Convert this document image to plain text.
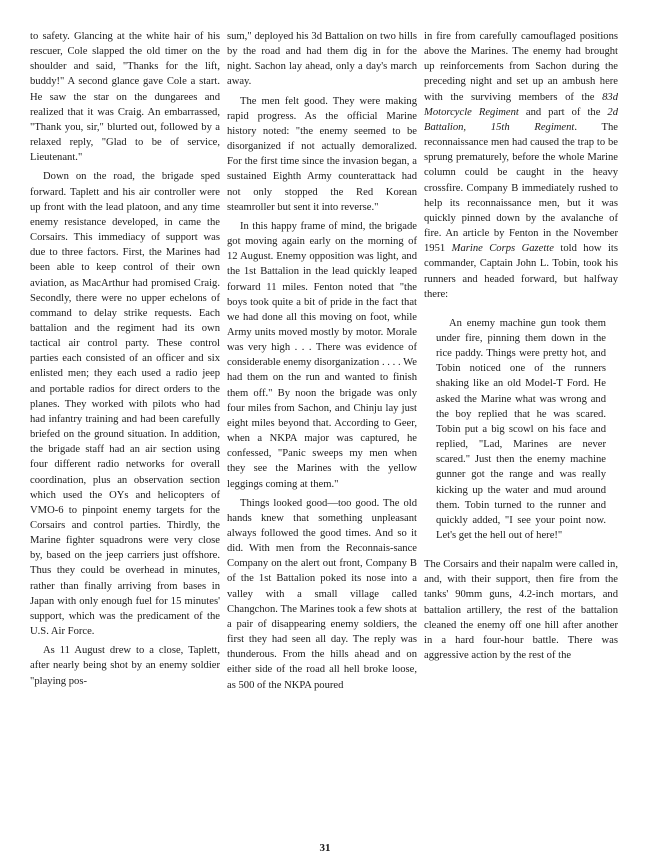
to safety. Glancing at the white hair of his rescuer, Cole slapped the old timer on the shoulder and said, "Thanks for the lift, buddy!" A second glance gave Cole a start. He saw the star on the dungarees and realized that it was Craig. An embarrassed, "Thank you, sir," blurted out, followed by a relaxed reply, "Glad to be of service, Lieutenant."

Down on the road, the brigade sped forward. Taplett and his air controller were up front with the lead platoon, and any time enemy resistance developed, in came the Corsairs. This immediacy of support was due to three factors. First, the Marines had been able to keep control of their own aviation, as MacArthur had promised Craig. Secondly, there were no upper echelons of command to delay strike requests. Each battalion and the regiment had its own tactical air control party. These control parties each consisted of an officer and six enlisted men; they each used a radio jeep and portable radios for direct orders to the planes. They worked with pilots who had had infantry training and had been carefully briefed on the ground situation. In addition, the brigade staff had an air section using four different radio networks for overall coordination, plus an observation section which used the OYs and helicopters of VMO-6 to pinpoint enemy targets for the Corsairs and control parties. Thirdly, the Marine fighter squadrons were very close by, based on the jeep carriers just offshore. Thus they could be overhead in minutes, rather than finally arriving from bases in Japan with only enough fuel for 15 minutes' support, which was the predicament of the U.S. Air Force.

As 11 August drew to a close, Taplett, after nearly being shot by an enemy soldier "playing pos-

sum," deployed his 3d Battalion on two hills by the road and had them dig in for the night. Sachon lay ahead, only a day's march away.

The men felt good. They were making rapid progress. As the official Marine history noted: "the enemy seemed to be disorganized if not actually demoralized. For the first time since the invasion began, a sustained Eighth Army counterattack had not only stopped the Red Korean steamroller but sent it into reverse."

In this happy frame of mind, the brigade got moving again early on the morning of 12 August. Enemy opposition was light, and the 1st Battalion in the lead quickly leaped forward 11 miles. Fenton noted that "the boys took quite a bit of pride in the fact that we had done all this moving on foot, while Army units moved mostly by motor. Morale was very high . . . There was evidence of considerable enemy disorganization . . . . We had them on the run and wanted to finish them off." By noon the brigade was only four miles from Sachon, and Chinju lay just eight miles beyond that. According to Geer, when a NKPA major was captured, he confessed, "Panic sweeps my men when they see the Marines with the yellow leggings coming at them."

Things looked good—too good. The old hands knew that something unpleasant always followed the good times. And so it did. With men from the Reconnais-sance Company on the alert out front, Company B of the 1st Battalion poked its nose into a valley with a small village called Changchon. The Marines took a few shots at a pair of disappearing enemy soldiers, the first they had seen all day. The reply was thunderous. From the hills ahead and on either side of the road all hell broke loose, as 500 of the NKPA poured

in fire from carefully camouflaged positions above the Marines. The enemy had brought up reinforcements from Sachon during the preceding night and set up an ambush here with the surviving members of the 83d Motorcycle Regiment and part of the 2d Battalion, 15th Regiment. The reconnaissance men had caused the trap to be sprung prematurely, before the whole Marine column could be caught in the heavy crossfire. Company B immediately rushed to help its reconnaissance men, but it was quickly pinned down by the avalanche of fire. An article by Fenton in the November 1951 Marine Corps Gazette told how its commander, Captain John L. Tobin, took his runners and headed forward, but halfway there:

An enemy machine gun took them under fire, pinning them down in the rice paddy. Things were pretty hot, and Tobin noticed one of the runners shaking like an old Model-T Ford. He asked the Marine what was wrong and the boy replied that he was scared. Tobin put a big scowl on his face and replied, "Lad, Marines are never scared." Just then the enemy machine gunner got the range and was really kicking up the water and mud around them. Tobin turned to the runner and quickly added, "I see your point now. Let's get the hell out of here!"

The Corsairs and their napalm were called in, and, with their support, then fire from the tanks' 90mm guns, 4.2-inch mortars, and battalion artillery, the rest of the battalion cleaned the enemy off one hill after another in a hard four-hour battle. There was aggressive action by the rest of the

31
